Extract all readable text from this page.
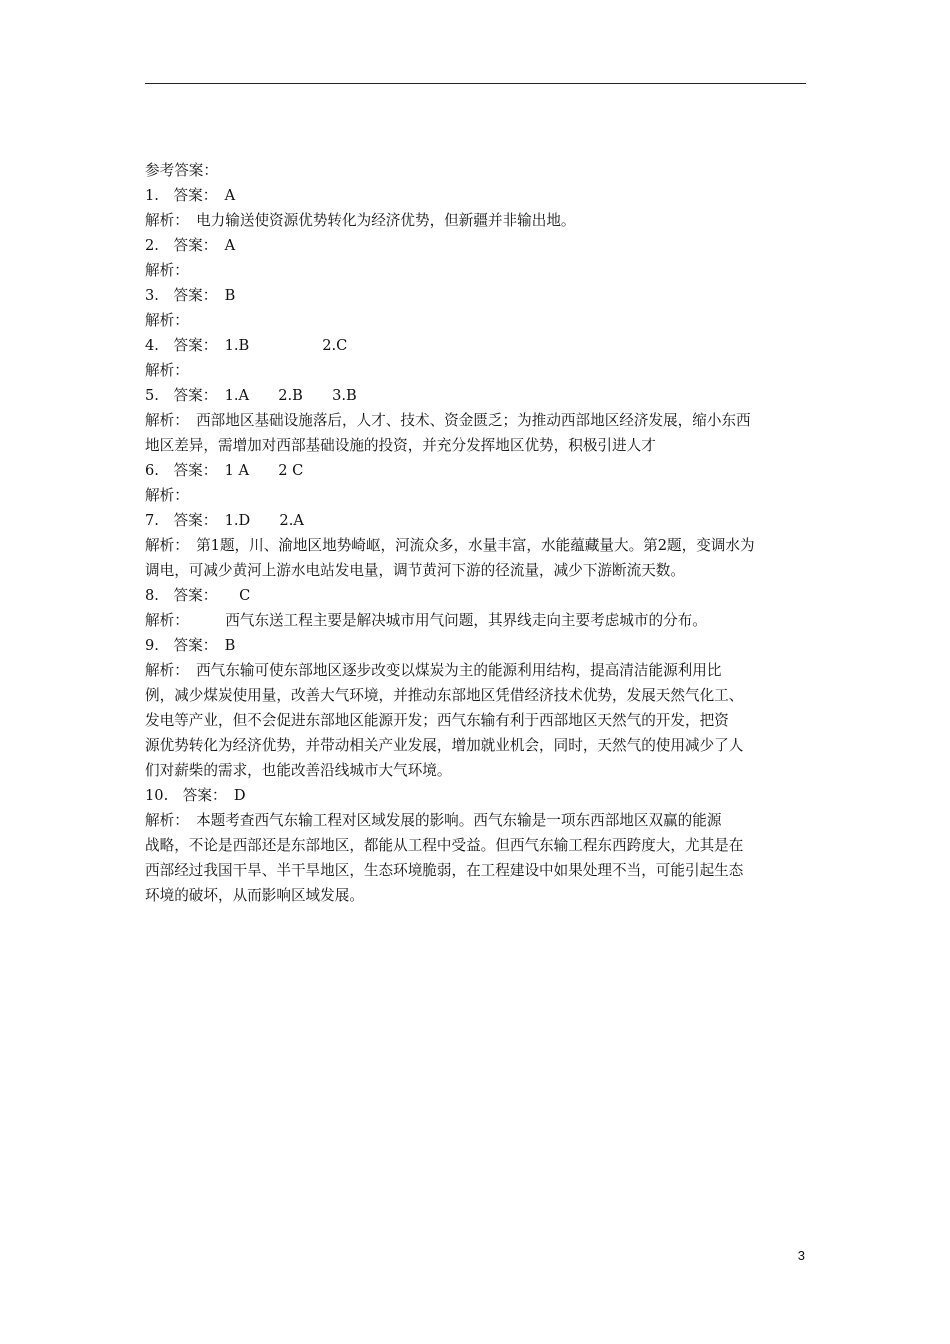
参考答案：
1.　答案：　A
解析：　电力输送使资源优势转化为经济优势，但新疆并非输出地。
2.　答案：　A
解析：
3.　答案：　B
解析：
4.　答案：　1.B　　　　　2.C
解析：
5.　答案：　1.A　　2.B　　3.B
解析：　西部地区基础设施落后，人才、技术、资金匮乏；为推动西部地区经济发展，缩小东西
地区差异，需增加对西部基础设施的投资，并充分发挥地区优势，积极引进人才
6.　答案：　1 A　　2 C
解析：
7.　答案：　1.D　　2.A
解析：　第1题，川、渝地区地势崎岖，河流众多，水量丰富，水能蕴藏量大。第2题，变调水为
调电，可减少黄河上游水电站发电量，调节黄河下游的径流量，减少下游断流天数。
8.　答案：　　C
解析：　　　西气东送工程主要是解决城市用气问题，其界线走向主要考虑城市的分布。
9.　答案：　B
解析：　西气东输可使东部地区逐步改变以煤炭为主的能源利用结构，提高清洁能源利用比
例，减少煤炭使用量，改善大气环境，并推动东部地区凭借经济技术优势，发展天然气化工、
发电等产业，但不会促进东部地区能源开发；西气东输有利于西部地区天然气的开发，把资
源优势转化为经济优势，并带动相关产业发展，增加就业机会，同时，天然气的使用减少了人
们对薪柴的需求，也能改善沿线城市大气环境。
10.　答案：　D
解析：　本题考查西气东输工程对区域发展的影响。西气东输是一项东西部地区双赢的能源
战略，不论是西部还是东部地区，都能从工程中受益。但西气东输工程东西跨度大，尤其是在
西部经过我国干旱、半干旱地区，生态环境脆弱，在工程建设中如果处理不当，可能引起生态
环境的破坏，从而影响区域发展。
3
